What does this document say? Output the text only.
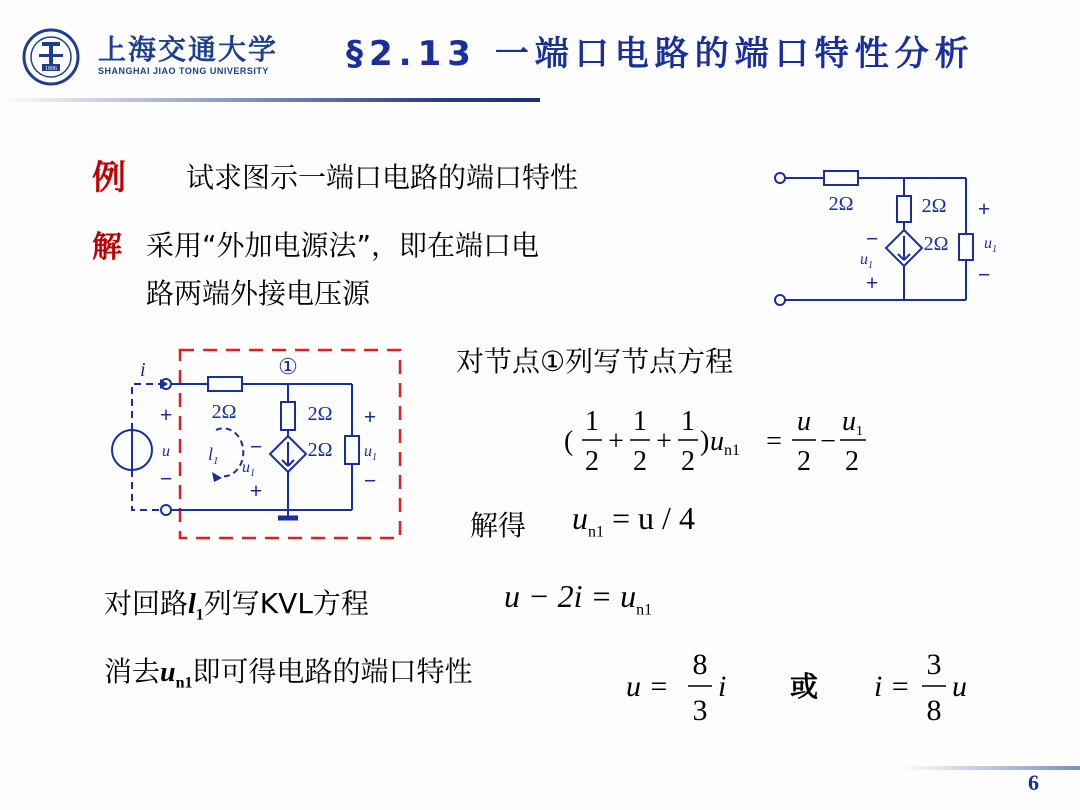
1896
上海交通大学
SHANGHAI JIAO TONG UNIVERSITY §2.13 一端口电路的端口特性分析
例 试求图示一端口电路的端口特性
解 采用“外加电源法”，即在端口电
路两端外接电压源
2Ω	2Ω
2Ω
+
−
$u_1$
−
$u_1$
+
i	①
2Ω	2Ω
2Ω
+
u
−
$l_1$
−
$u_1$
+
+
$u_1$
−
对节点①列写节点方程
(
1
2
+
1
2
+
1
2
) un1 =
u
2
−
u1
2
解得 $u_{n1} = u / 4$
对回路$l_1$列写KVL方程	$u - 2i = u_{n1}$
消去$u_{n1}$即可得电路的端口特性	u =
8
3
i 或 i =
3
8
u
6
